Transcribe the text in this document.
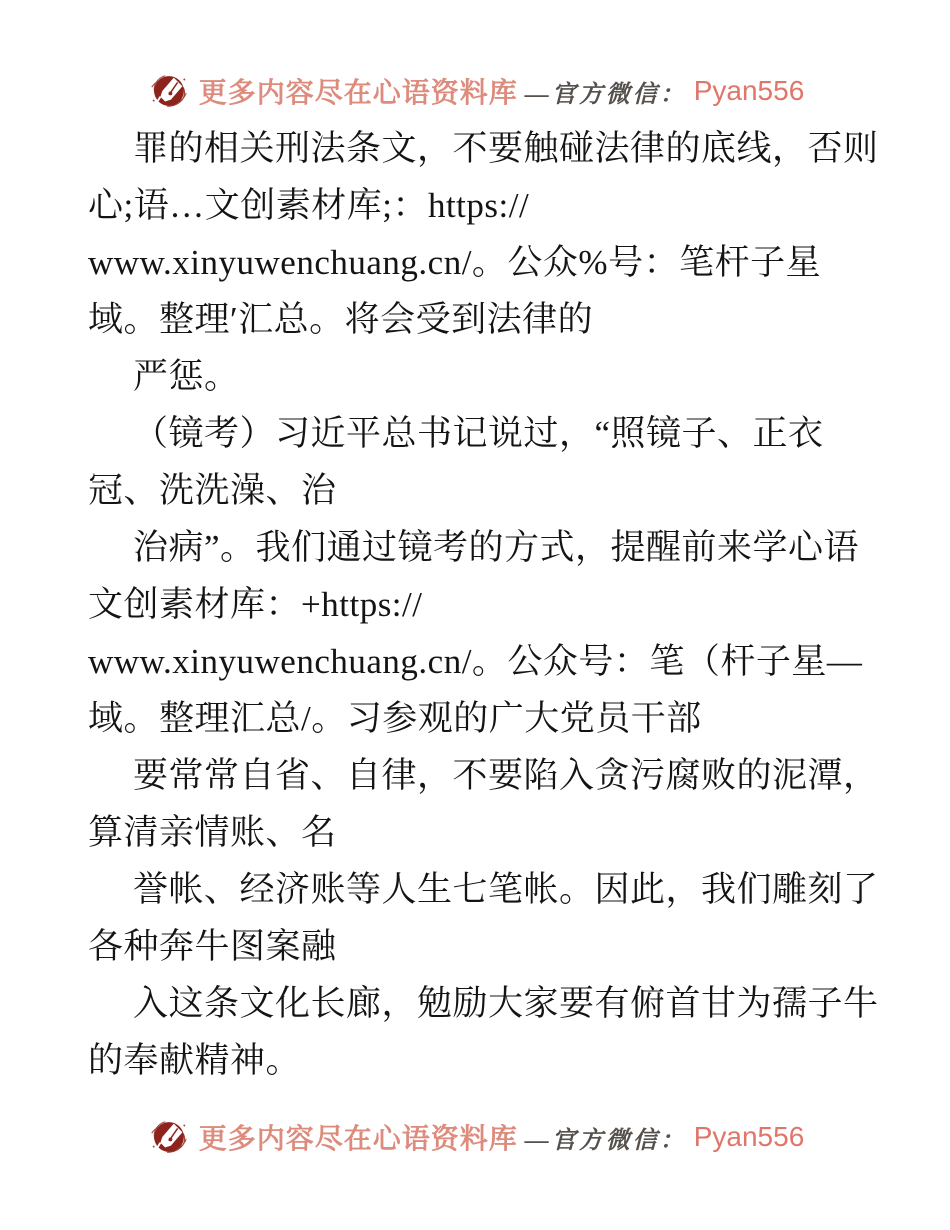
更多内容尽在心语资料库 —官方微信： Pyan556
罪的相关刑法条文，不要触碰法律的底线，否则
心;语…文创素材库;：https://
www.xinyuwenchuang.cn/。公众%号：笔杆子星
域。整理′汇总。将会受到法律的
严惩。
（镜考）习近平总书记说过，“照镜子、正衣
冠、洗洗澡、治
治病”。我们通过镜考的方式，提醒前来学心语
文创素材库：+https://
www.xinyuwenchuang.cn/。公众号：笔（杆子星—
域。整理汇总/。习参观的广大党员干部
要常常自省、自律，不要陷入贪污腐败的泥潭，
算清亲情账、名
誉帐、经济账等人生七笔帐。因此，我们雕刻了
各种奔牛图案融
入这条文化长廊，勉励大家要有俯首甘为孺子牛
的奉献精神。
更多内容尽在心语资料库 —官方微信： Pyan556
